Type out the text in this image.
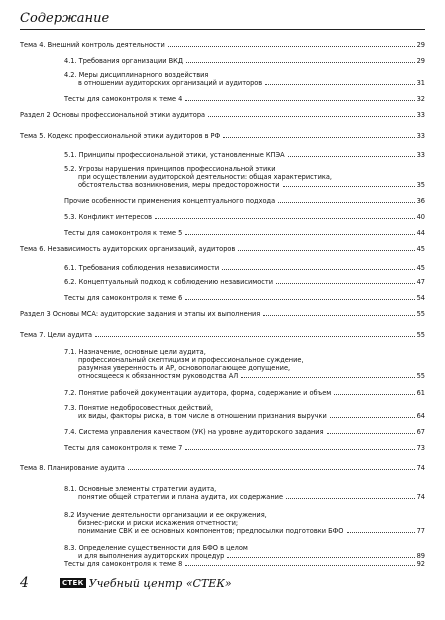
Содержание
Тема 4. Внешний контроль деятельности	29
4.1. Требования организации ВКД	29
4.2. Меры дисциплинарного воздействия
в отношении аудиторских организаций и аудиторов	31
Тесты для самоконтроля к теме 4	32
Раздел 2 Основы профессиональной этики аудитора	33
Тема 5. Кодекс профессиональной этики аудиторов в РФ	33
5.1. Принципы профессиональной этики, установленные КПЭА	33
5.2. Угрозы нарушения принципов профессиональной этики
при осуществлении аудиторской деятельности: общая характеристика,
обстоятельства возникновения, меры предосторожности	35
Прочие особенности применения концептуального подхода	36
5.3. Конфликт интересов	40
Тесты для самоконтроля к теме 5	44
Тема 6. Независимость аудиторских организаций, аудиторов	45
6.1. Требования соблюдения независимости	45
6.2. Концептуальный подход к соблюдению независимости	47
Тесты для самоконтроля к теме 6	54
Раздел 3 Основы МСА: аудиторские задания и этапы их выполнения	55
Тема 7. Цели аудита	55
7.1. Назначение, основные цели аудита,
профессиональный скептицизм и профессиональное суждение,
разумная уверенность и АР, основополагающее допущение,
относящееся к обязанностям руководства АЛ	55
7.2. Понятие рабочей документации аудитора, форма, содержание и объем	61
7.3. Понятие недобросовестных действий,
их виды, факторы риска, в том числе в отношении признания выручки	64
7.4. Система управления качеством (УК) на уровне аудиторского задания	67
Тесты для самоконтроля к теме 7	73
Тема 8. Планирование аудита	74
8.1. Основные элементы стратегии аудита,
понятие общей стратегии и плана аудита, их содержание	74
8.2 Изучение деятельности организации и ее окружения,
бизнес-риски и риски искажения отчетности;
понимание СВК и ее основных компонентов; предпосылки подготовки БФО	77
8.3. Определение существенности для БФО в целом
и для выполнения аудиторских процедур	89
Тесты для самоконтроля к теме 8	92
4	СТЕК Учебный центр «СТЕК»
